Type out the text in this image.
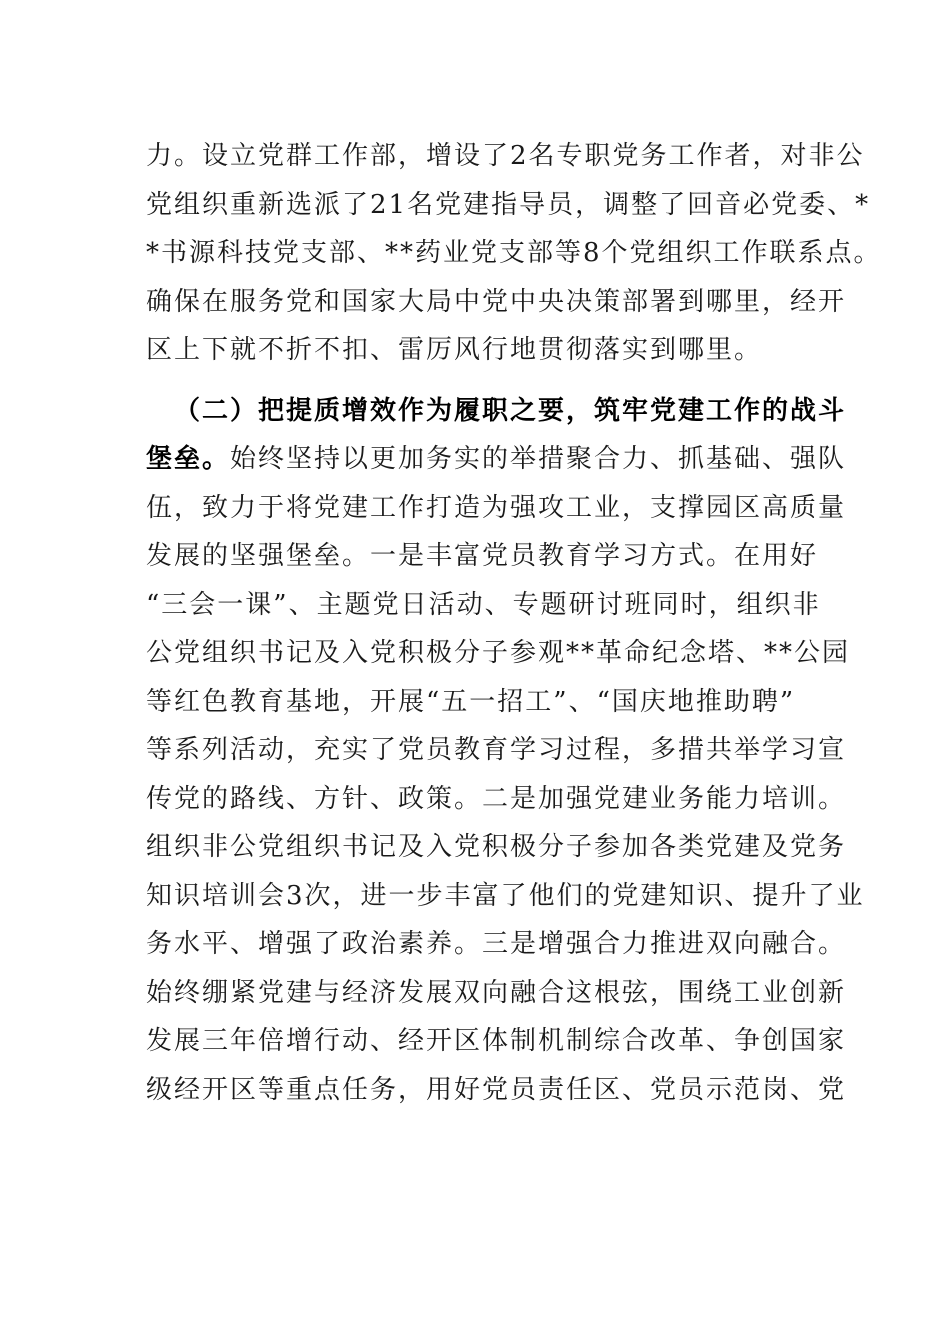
力。设立党群工作部，增设了2名专职党务工作者，对非公
党组织重新选派了21名党建指导员，调整了回音必党委、*
*书源科技党支部、**药业党支部等8个党组织工作联系点。
确保在服务党和国家大局中党中央决策部署到哪里，经开
区上下就不折不扣、雷厉风行地贯彻落实到哪里。
（二）把提质增效作为履职之要，筑牢党建工作的战斗
堡垒。始终坚持以更加务实的举措聚合力、抓基础、强队
伍，致力于将党建工作打造为强攻工业，支撑园区高质量
发展的坚强堡垒。一是丰富党员教育学习方式。在用好
“三会一课”、主题党日活动、专题研讨班同时，组织非
公党组织书记及入党积极分子参观**革命纪念塔、**公园
等红色教育基地，开展“五一招工”、“国庆地推助聘”
等系列活动，充实了党员教育学习过程，多措共举学习宣
传党的路线、方针、政策。二是加强党建业务能力培训。
组织非公党组织书记及入党积极分子参加各类党建及党务
知识培训会3次，进一步丰富了他们的党建知识、提升了业
务水平、增强了政治素养。三是增强合力推进双向融合。
始终绷紧党建与经济发展双向融合这根弦，围绕工业创新
发展三年倍增行动、经开区体制机制综合改革、争创国家
级经开区等重点任务，用好党员责任区、党员示范岗、党
